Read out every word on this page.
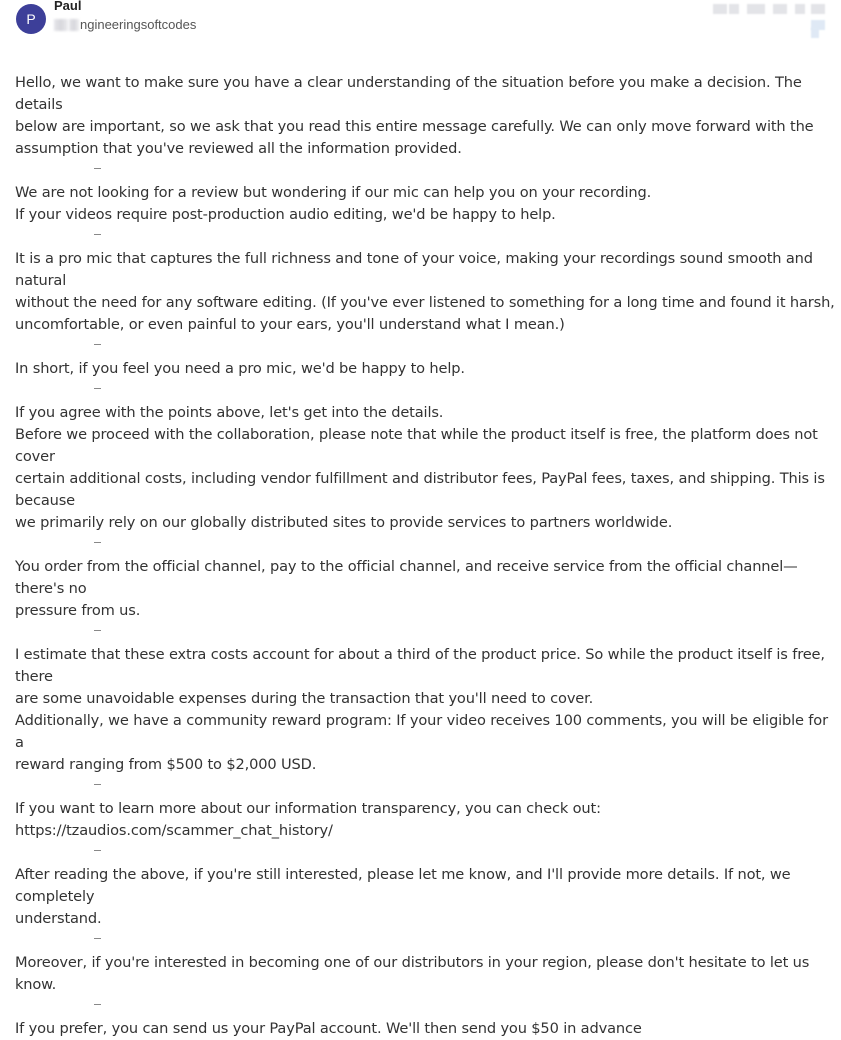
P
Paul
ngineeringsoftcodes

Hello, we want to make sure you have a clear understanding of the situation before you make a decision. The details
below are important, so we ask that you read this entire message carefully. We can only move forward with the
assumption that you've reviewed all the information provided.

We are not looking for a review but wondering if our mic can help you on your recording.
If your videos require post-production audio editing, we'd be happy to help.

It is a pro mic that captures the full richness and tone of your voice, making your recordings sound smooth and natural
without the need for any software editing. (If you've ever listened to something for a long time and found it harsh,
uncomfortable, or even painful to your ears, you'll understand what I mean.)

In short, if you feel you need a pro mic, we'd be happy to help.

If you agree with the points above, let's get into the details.
Before we proceed with the collaboration, please note that while the product itself is free, the platform does not cover
certain additional costs, including vendor fulfillment and distributor fees, PayPal fees, taxes, and shipping. This is because
we primarily rely on our globally distributed sites to provide services to partners worldwide.

You order from the official channel, pay to the official channel, and receive service from the official channel—there's no
pressure from us.

I estimate that these extra costs account for about a third of the product price. So while the product itself is free, there
are some unavoidable expenses during the transaction that you'll need to cover.
Additionally, we have a community reward program: If your video receives 100 comments, you will be eligible for a
reward ranging from $500 to $2,000 USD.

If you want to learn more about our information transparency, you can check out:

https://tzaudios.com/scammer_chat_history/

After reading the above, if you're still interested, please let me know, and I'll provide more details. If not, we completely
understand.

Moreover, if you're interested in becoming one of our distributors in your region, please don't hesitate to let us know.

If you prefer, you can send us your PayPal account. We'll then send you $50 in advance
